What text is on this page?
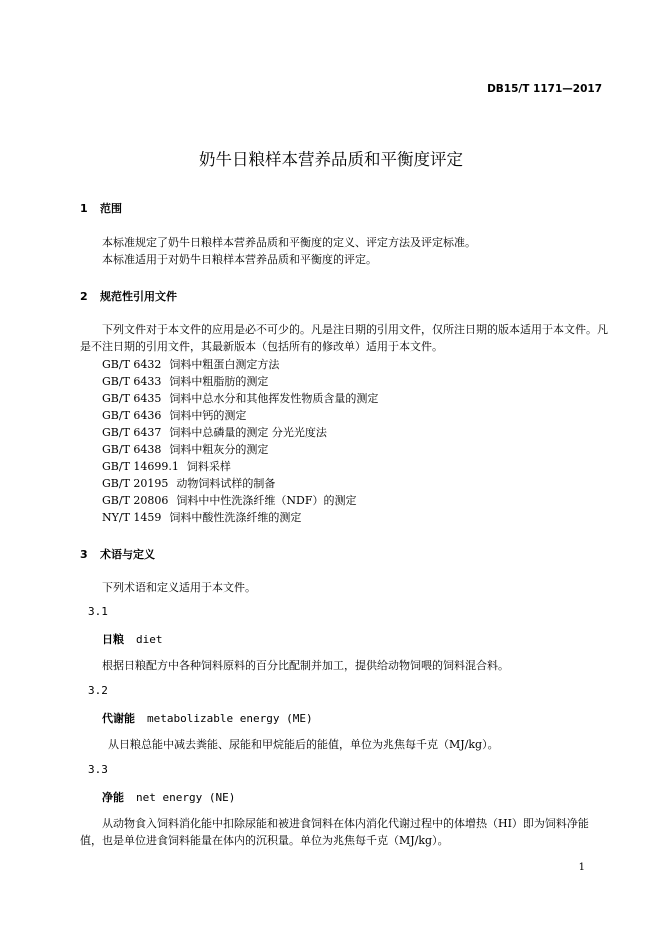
DB15/T 1171—2017
奶牛日粮样本营养品质和平衡度评定
1 范围
本标准规定了奶牛日粮样本营养品质和平衡度的定义、评定方法及评定标准。
本标准适用于对奶牛日粮样本营养品质和平衡度的评定。
2 规范性引用文件
下列文件对于本文件的应用是必不可少的。凡是注日期的引用文件，仅所注日期的版本适用于本文件。凡是不注日期的引用文件，其最新版本（包括所有的修改单）适用于本文件。
GB/T 6432 饲料中粗蛋白测定方法
GB/T 6433 饲料中粗脂肪的测定
GB/T 6435 饲料中总水分和其他挥发性物质含量的测定
GB/T 6436 饲料中钙的测定
GB/T 6437 饲料中总磷量的测定 分光光度法
GB/T 6438 饲料中粗灰分的测定
GB/T 14699.1 饲料采样
GB/T 20195 动物饲料试样的制备
GB/T 20806 饲料中中性洗涤纤维（NDF）的测定
NY/T 1459 饲料中酸性洗涤纤维的测定
3 术语与定义
下列术语和定义适用于本文件。
3.1
日粮 diet
根据日粮配方中各种饲料原料的百分比配制并加工，提供给动物饲喂的饲料混合料。
3.2
代谢能 metabolizable energy (ME)
从日粮总能中减去粪能、尿能和甲烷能后的能值，单位为兆焦每千克（MJ/kg）。
3.3
净能 net energy (NE)
从动物食入饲料消化能中扣除尿能和被进食饲料在体内消化代谢过程中的体增热（HI）即为饲料净能值，也是单位进食饲料能量在体内的沉积量。单位为兆焦每千克（MJ/kg）。
1
